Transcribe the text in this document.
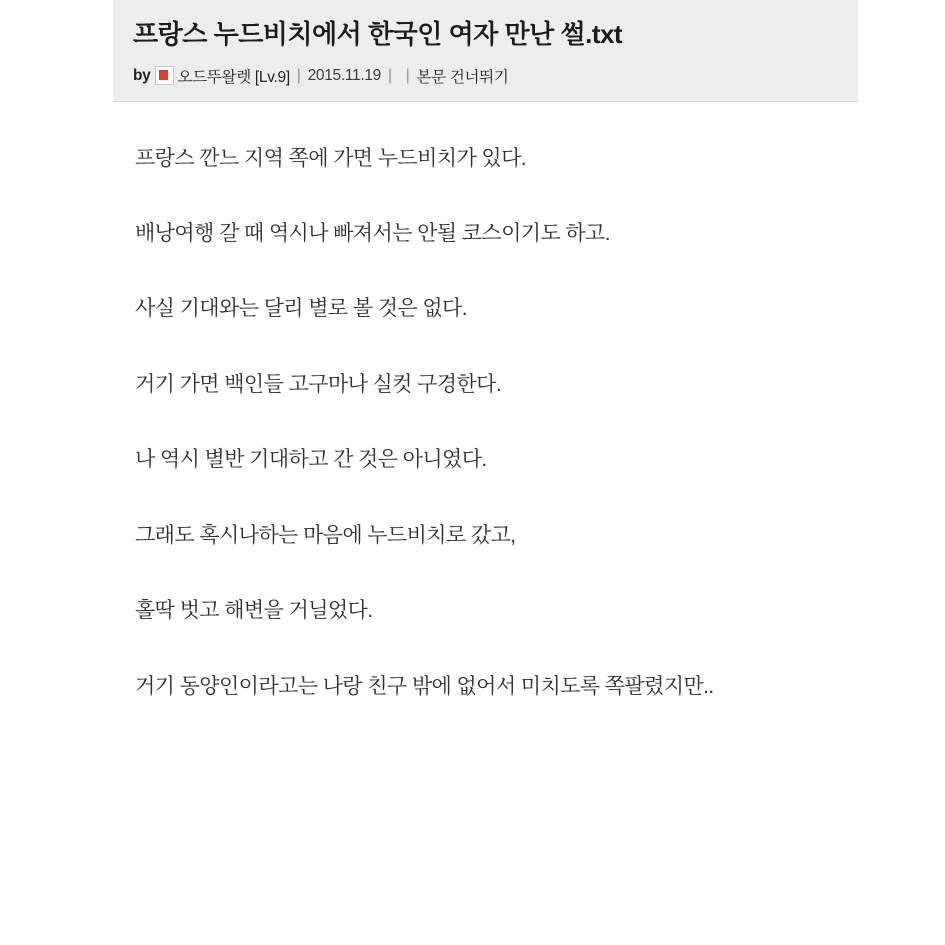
프랑스 누드비치에서 한국인 여자 만난 썰.txt
by 오드뚜왈렛 [Lv.9] | 2015.11.19 | | 본문 건너뛰기

프랑스 깐느 지역 쪽에 가면 누드비치가 있다.

배낭여행 갈 때 역시나 빠져서는 안될 코스이기도 하고.

사실 기대와는 달리 별로 볼 것은 없다.

거기 가면 백인들 고구마나 실컷 구경한다.

나 역시 별반 기대하고 간 것은 아니였다.

그래도 혹시나하는 마음에 누드비치로 갔고,

홀딱 벗고 해변을 거닐었다.

거기 동양인이라고는 나랑 친구 밖에 없어서 미치도록 쪽팔렸지만..
